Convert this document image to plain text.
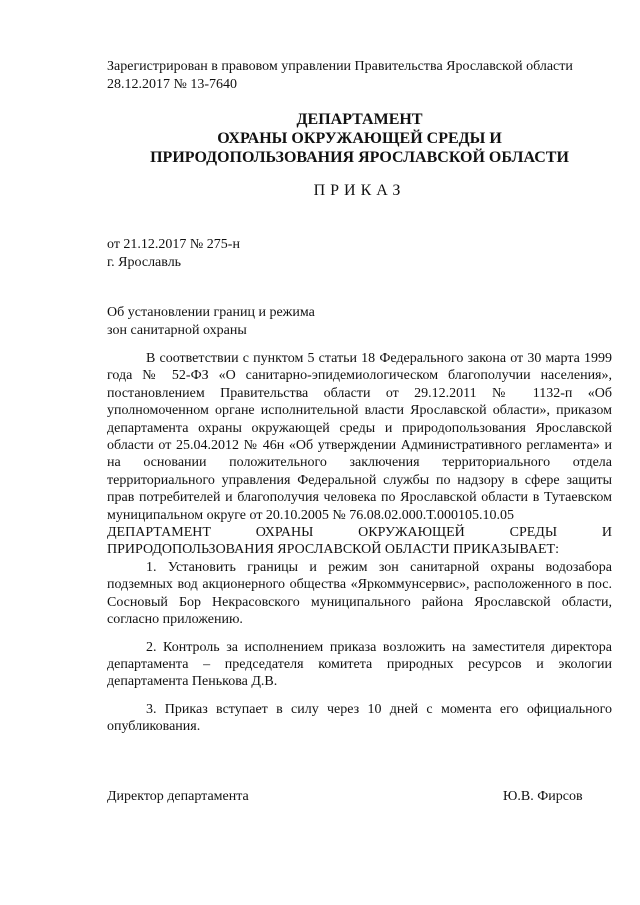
Зарегистрирован в правовом управлении Правительства Ярославской области
28.12.2017 № 13-7640
ДЕПАРТАМЕНТ
ОХРАНЫ ОКРУЖАЮЩЕЙ СРЕДЫ И
ПРИРОДОПОЛЬЗОВАНИЯ ЯРОСЛАВСКОЙ ОБЛАСТИ
ПРИКАЗ
от 21.12.2017 № 275-н
г. Ярославль
Об установлении границ и режима
зон санитарной охраны

В соответствии с пунктом 5 статьи 18 Федерального закона от 30 марта 1999 года № 52-ФЗ «О санитарно-эпидемиологическом благополучии населения», постановлением Правительства области от 29.12.2011 № 1132-п «Об уполномоченном органе исполнительной власти Ярославской области», приказом департамента охраны окружающей среды и природопользования Ярославской области от 25.04.2012 № 46н «Об утверждении Административного регламента» и на основании положительного заключения территориального отдела территориального управления Федеральной службы по надзору в сфере защиты прав потребителей и благополучия человека по Ярославской области в Тутаевском муниципальном округе от 20.10.2005 № 76.08.02.000.Т.000105.10.05

ДЕПАРТАМЕНТ ОХРАНЫ ОКРУЖАЮЩЕЙ СРЕДЫ И

ПРИРОДОПОЛЬЗОВАНИЯ ЯРОСЛАВСКОЙ ОБЛАСТИ ПРИКАЗЫВАЕТ:

1. Установить границы и режим зон санитарной охраны водозабора подземных вод акционерного общества «Яркоммунсервис», расположенного в пос. Сосновый Бор Некрасовского муниципального района Ярославской области, согласно приложению.

2. Контроль за исполнением приказа возложить на заместителя директора департамента – председателя комитета природных ресурсов и экологии департамента Пенькова Д.В.

3. Приказ вступает в силу через 10 дней с момента его официального опубликования.

Директор департамента	Ю.В. Фирсов
